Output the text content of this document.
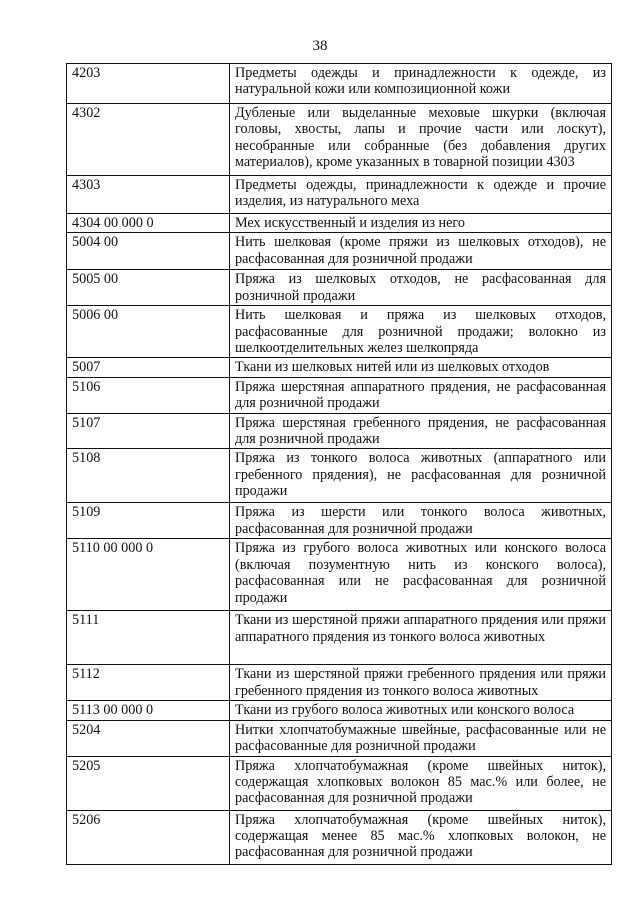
38
4203	Предметы одежды и принадлежности к одежде, из натуральной кожи или композиционной кожи
4302	Дубленые или выделанные меховые шкурки (включая головы, хвосты, лапы и прочие части или лоскут), несобранные или собранные (без добавления других материалов), кроме указанных в товарной позиции 4303
4303	Предметы одежды, принадлежности к одежде и прочие изделия, из натурального меха
4304 00 000 0	Мех искусственный и изделия из него
5004 00	Нить шелковая (кроме пряжи из шелковых отходов), не расфасованная для розничной продажи
5005 00	Пряжа из шелковых отходов, не расфасованная для розничной продажи
5006 00	Нить шелковая и пряжа из шелковых отходов, расфасованные для розничной продажи; волокно из шелкоотделительных желез шелкопряда
5007	Ткани из шелковых нитей или из шелковых отходов
5106	Пряжа шерстяная аппаратного прядения, не расфасованная для розничной продажи
5107	Пряжа шерстяная гребенного прядения, не расфасованная для розничной продажи
5108	Пряжа из тонкого волоса животных (аппаратного или гребенного прядения), не расфасованная для розничной продажи
5109	Пряжа из шерсти или тонкого волоса животных, расфасованная для розничной продажи
5110 00 000 0	Пряжа из грубого волоса животных или конского волоса (включая позументную нить из конского волоса), расфасованная или не расфасованная для розничной продажи
5111	Ткани из шерстяной пряжи аппаратного прядения или пряжи аппаратного прядения из тонкого волоса животных
5112	Ткани из шерстяной пряжи гребенного прядения или пряжи гребенного прядения из тонкого волоса животных
5113 00 000 0	Ткани из грубого волоса животных или конского волоса
5204	Нитки хлопчатобумажные швейные, расфасованные или не расфасованные для розничной продажи
5205	Пряжа хлопчатобумажная (кроме швейных ниток), содержащая хлопковых волокон 85 мас.% или более, не расфасованная для розничной продажи
5206	Пряжа хлопчатобумажная (кроме швейных ниток), содержащая менее 85 мас.% хлопковых волокон, не расфасованная для розничной продажи
